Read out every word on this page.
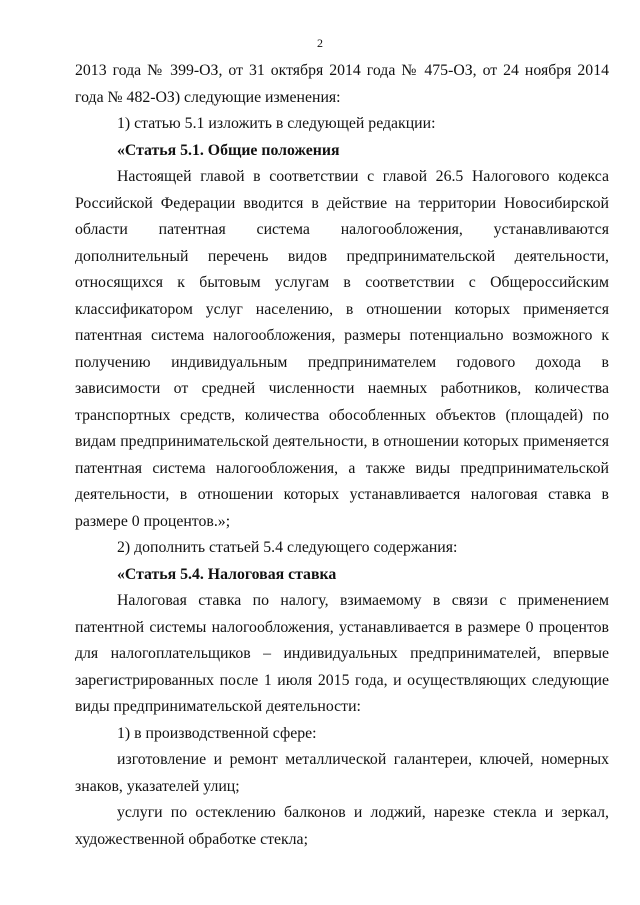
2

2013 года № 399-ОЗ, от 31 октября 2014 года № 475-ОЗ, от 24 ноября 2014 года № 482-ОЗ) следующие изменения:

1) статью 5.1 изложить в следующей редакции:

«Статья 5.1. Общие положения

Настоящей главой в соответствии с главой 26.5 Налогового кодекса Российской Федерации вводится в действие на территории Новосибирской области патентная система налогообложения, устанавливаются дополнительный перечень видов предпринимательской деятельности, относящихся к бытовым услугам в соответствии с Общероссийским классификатором услуг населению, в отношении которых применяется патентная система налогообложения, размеры потенциально возможного к получению индивидуальным предпринимателем годового дохода в зависимости от средней численности наемных работников, количества транспортных средств, количества обособленных объектов (площадей) по видам предпринимательской деятельности, в отношении которых применяется патентная система налогообложения, а также виды предпринимательской деятельности, в отношении которых устанавливается налоговая ставка в размере 0 процентов.»;

2) дополнить статьей 5.4 следующего содержания:

«Статья 5.4. Налоговая ставка

Налоговая ставка по налогу, взимаемому в связи с применением патентной системы налогообложения, устанавливается в размере 0 процентов для налогоплательщиков – индивидуальных предпринимателей, впервые зарегистрированных после 1 июля 2015 года, и осуществляющих следующие виды предпринимательской деятельности:

1) в производственной сфере:

изготовление и ремонт металлической галантереи, ключей, номерных знаков, указателей улиц;

услуги по остеклению балконов и лоджий, нарезке стекла и зеркал, художественной обработке стекла;
